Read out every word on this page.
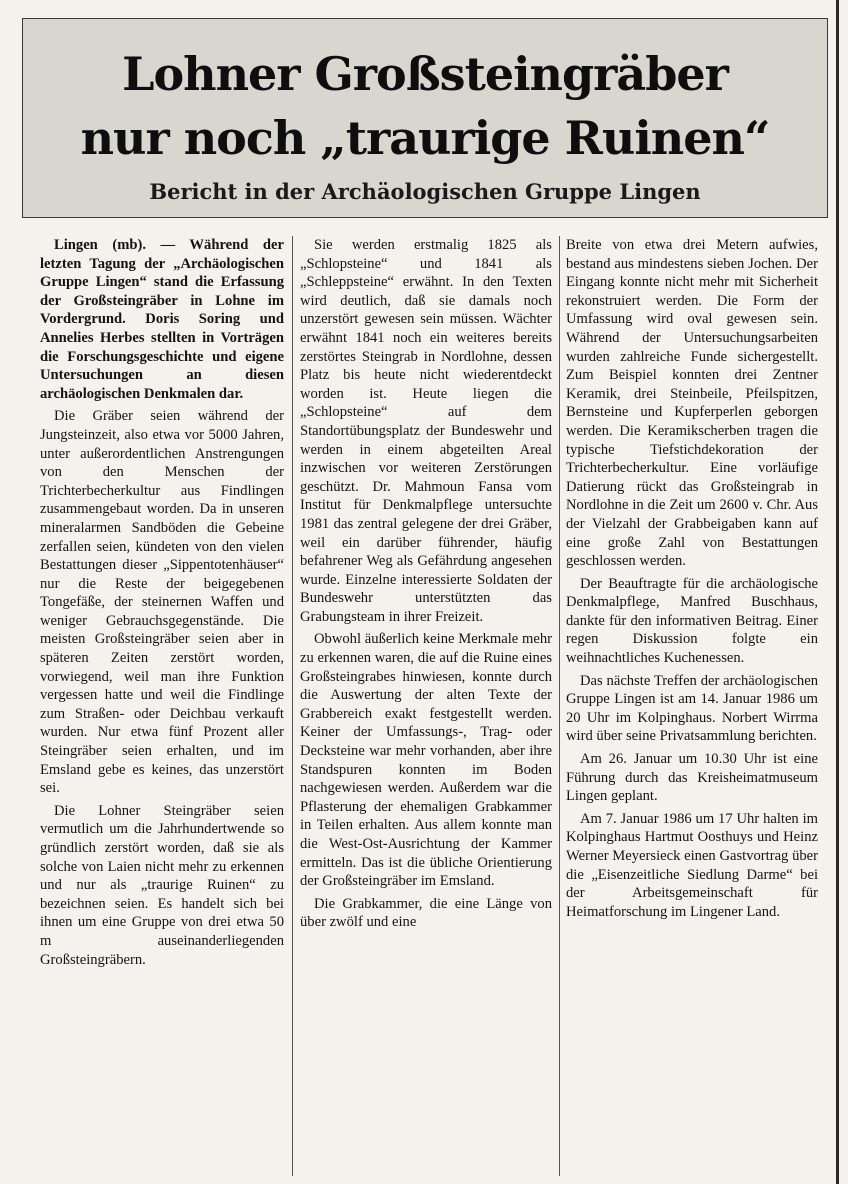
Lohner Großsteingräber
nur noch „traurige Ruinen“
Bericht in der Archäologischen Gruppe Lingen

Lingen (mb). — Während der letzten Tagung der „Archäologischen Gruppe Lingen“ stand die Erfassung der Großsteingräber in Lohne im Vordergrund. Doris Soring und Annelies Herbes stellten in Vorträgen die Forschungsgeschichte und eigene Untersuchungen an diesen archäologischen Denkmalen dar.

Die Gräber seien während der Jungsteinzeit, also etwa vor 5000 Jahren, unter außerordentlichen Anstrengungen von den Menschen der Trichterbecherkultur aus Findlingen zusammengebaut worden. Da in unseren mineralarmen Sandböden die Gebeine zerfallen seien, kündeten von den vielen Bestattungen dieser „Sippentotenhäuser“ nur die Reste der beigegebenen Tongefäße, der steinernen Waffen und weniger Gebrauchsgegenstände. Die meisten Großsteingräber seien aber in späteren Zeiten zerstört worden, vorwiegend, weil man ihre Funktion vergessen hatte und weil die Findlinge zum Straßen- oder Deichbau verkauft wurden. Nur etwa fünf Prozent aller Steingräber seien erhalten, und im Emsland gebe es keines, das unzerstört sei.

Die Lohner Steingräber seien vermutlich um die Jahrhundertwende so gründlich zerstört worden, daß sie als solche von Laien nicht mehr zu erkennen und nur als „traurige Ruinen“ zu bezeichnen seien. Es handelt sich bei ihnen um eine Gruppe von drei etwa 50 m auseinanderliegenden Großsteingräbern.

Sie werden erstmalig 1825 als „Schlopsteine“ und 1841 als „Schleppsteine“ erwähnt. In den Texten wird deutlich, daß sie damals noch unzerstört gewesen sein müssen. Wächter erwähnt 1841 noch ein weiteres bereits zerstörtes Steingrab in Nordlohne, dessen Platz bis heute nicht wiederentdeckt worden ist. Heute liegen die „Schlopsteine“ auf dem Standortübungsplatz der Bundeswehr und werden in einem abgeteilten Areal inzwischen vor weiteren Zerstörungen geschützt. Dr. Mahmoun Fansa vom Institut für Denkmalpflege untersuchte 1981 das zentral gelegene der drei Gräber, weil ein darüber führender, häufig befahrener Weg als Gefährdung angesehen wurde. Einzelne interessierte Soldaten der Bundeswehr unterstützten das Grabungsteam in ihrer Freizeit.

Obwohl äußerlich keine Merkmale mehr zu erkennen waren, die auf die Ruine eines Großsteingrabes hinwiesen, konnte durch die Auswertung der alten Texte der Grabbereich exakt festgestellt werden. Keiner der Umfassungs-, Trag- oder Decksteine war mehr vorhanden, aber ihre Standspuren konnten im Boden nachgewiesen werden. Außerdem war die Pflasterung der ehemaligen Grabkammer in Teilen erhalten. Aus allem konnte man die West-Ost-Ausrichtung der Kammer ermitteln. Das ist die übliche Orientierung der Großsteingräber im Emsland.

Die Grabkammer, die eine Länge von über zwölf und eine

Breite von etwa drei Metern aufwies, bestand aus mindestens sieben Jochen. Der Eingang konnte nicht mehr mit Sicherheit rekonstruiert werden. Die Form der Umfassung wird oval gewesen sein. Während der Untersuchungsarbeiten wurden zahlreiche Funde sichergestellt. Zum Beispiel konnten drei Zentner Keramik, drei Steinbeile, Pfeilspitzen, Bernsteine und Kupferperlen geborgen werden. Die Keramikscherben tragen die typische Tiefstichdekoration der Trichterbecherkultur. Eine vorläufige Datierung rückt das Großsteingrab in Nordlohne in die Zeit um 2600 v. Chr. Aus der Vielzahl der Grabbeigaben kann auf eine große Zahl von Bestattungen geschlossen werden.

Der Beauftragte für die archäologische Denkmalpflege, Manfred Buschhaus, dankte für den informativen Beitrag. Einer regen Diskussion folgte ein weihnachtliches Kuchenessen.

Das nächste Treffen der archäologischen Gruppe Lingen ist am 14. Januar 1986 um 20 Uhr im Kolpinghaus. Norbert Wirrma wird über seine Privatsammlung berichten.

Am 26. Januar um 10.30 Uhr ist eine Führung durch das Kreisheimatmuseum Lingen geplant.

Am 7. Januar 1986 um 17 Uhr halten im Kolpinghaus Hartmut Oosthuys und Heinz Werner Meyersieck einen Gastvortrag über die „Eisenzeitliche Siedlung Darme“ bei der Arbeitsgemeinschaft für Heimatforschung im Lingener Land.
